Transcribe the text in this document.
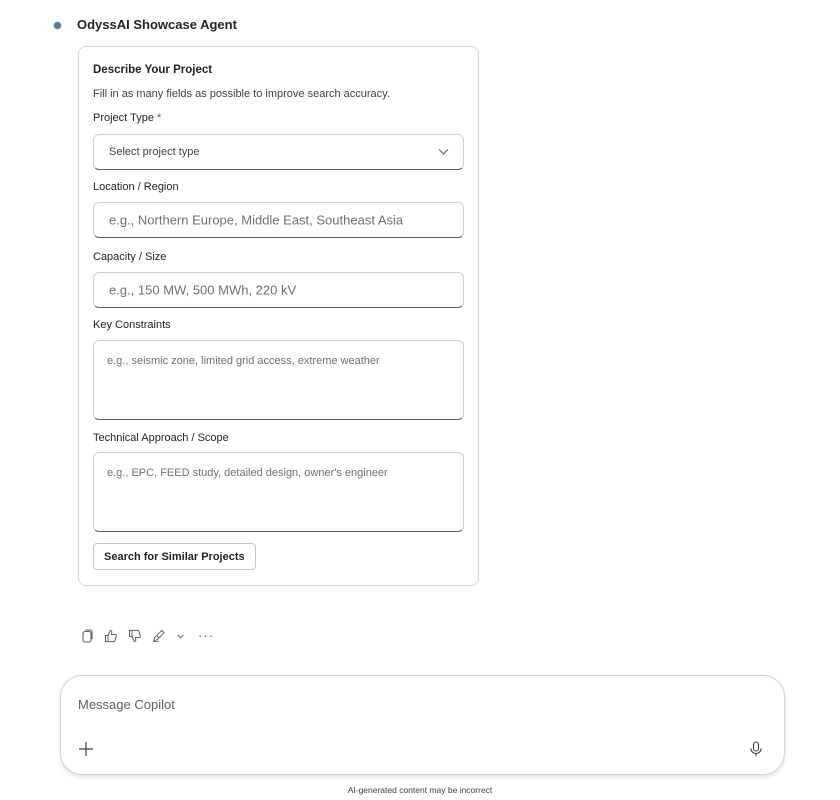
OdyssAI Showcase Agent
Describe Your Project
Fill in as many fields as possible to improve search accuracy.
Project Type *
Select project type
Location / Region
e.g., Northern Europe, Middle East, Southeast Asia
Capacity / Size
e.g., 150 MW, 500 MWh, 220 kV
Key Constraints
e.g., seismic zone, limited grid access, extreme weather
Technical Approach / Scope
e.g., EPC, FEED study, detailed design, owner's engineer
Search for Similar Projects
···
Message Copilot
AI-generated content may be incorrect
